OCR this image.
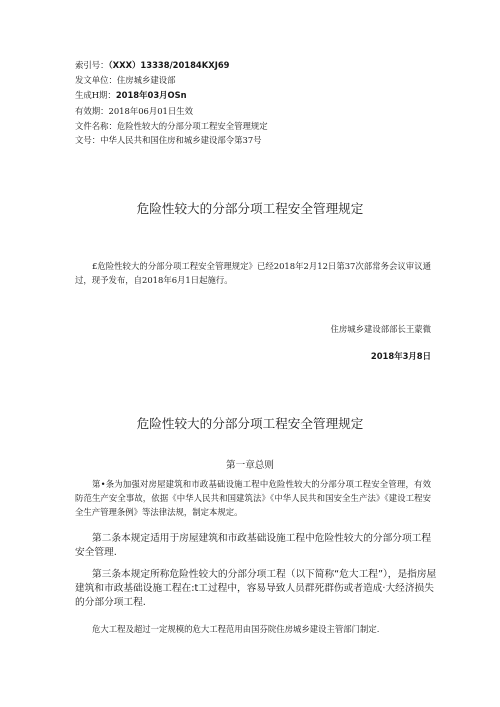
索引号：（XXX）13338/20184KXJ69
发文单位：住房城乡建设部
生成H期：2018年03月OSn
有效期：2018年06月01日生效
文件名称：危险性较大的分部分项工程安全管理规定
文号：中华人民共和国住房和城乡建设部令第37号
危险性较大的分部分项工程安全管理规定

£危险性较大的分部分项工程安全管理规定》已经2018年2月12日第37次部常务会议审议通过，现予发布，自2018年6月1日起施行。

住房城乡建设部部长王蒙微
2018年3月8日
危险性较大的分部分项工程安全管理规定
第一章总则

第•条为加强对房屋建筑和市政基础设施工程中危险性较大的分部分项工程安全管理，有效防范生产安全事故，依据《中华人民共和国建筑法》《中华人民共和国安全生产法》《建设工程安全生产管理条例》等法律法规，制定本规定。

第二条本规定适用于房屋建筑和市政基础设施工程中危险性较大的分部分项工程安全管理.

第三条本规定所称危险性较大的分部分项工程（以下简称“危大工程”），是指房屋建筑和市政基础设施工程在:t工过程中，容易导致人员群死群伤或者造成·大经济损失的分部分项工程.

危大工程及超过一定规模的危大工程范用由国芬院住房城乡建设主管部门制定.
